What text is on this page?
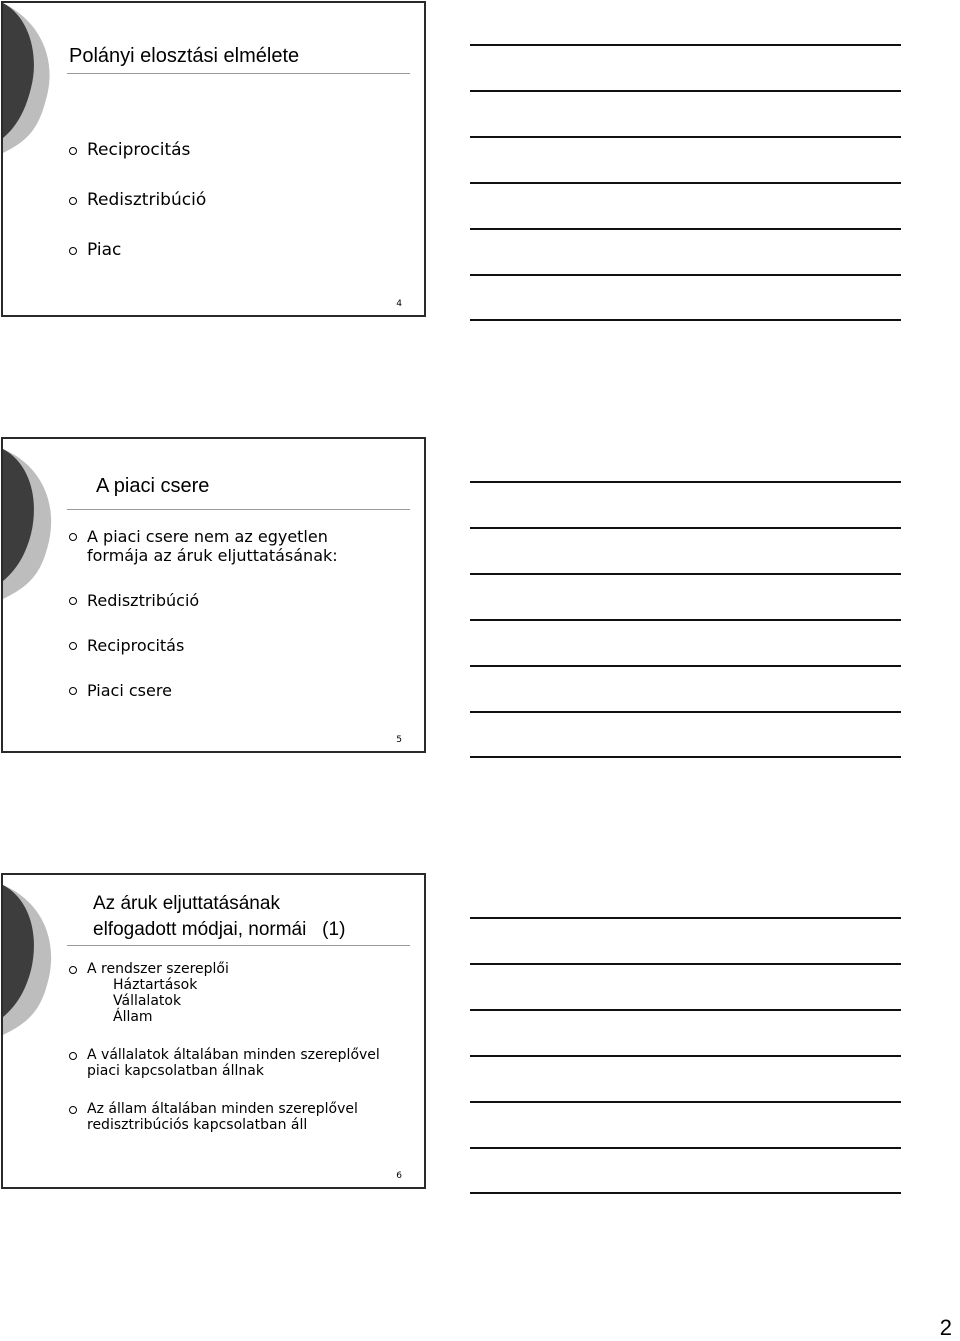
Polányi elosztási elmélete
Reciprocitás
Redisztribúció
Piac
4
A piaci csere
A piaci csere nem az egyetlen formája az áruk eljuttatásának:
Redisztribúció
Reciprocitás
Piaci csere
5
Az áruk eljuttatásának
elfogadott módjai, normái   (1)
A rendszer szereplői
Háztartások
Vállalatok
Állam
A vállalatok általában minden szereplővel piaci kapcsolatban állnak
Az állam általában minden szereplővel redisztribúciós kapcsolatban áll
6
2
